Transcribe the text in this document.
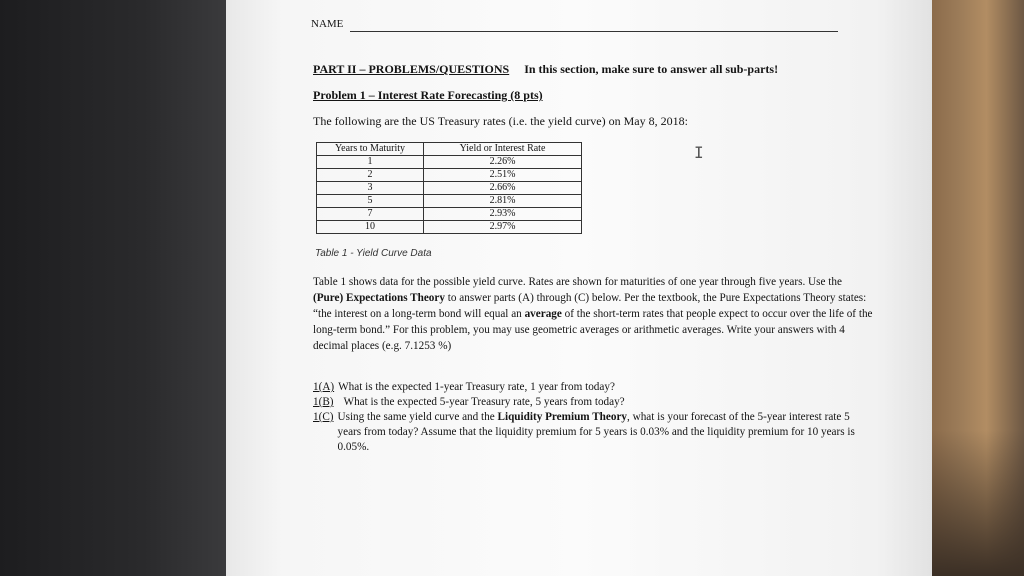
NAME
PART II – PROBLEMS/QUESTIONS In this section, make sure to answer all sub-parts!
Problem 1 – Interest Rate Forecasting (8 pts)
The following are the US Treasury rates (i.e. the yield curve) on May 8, 2018:
Years to Maturity	Yield or Interest Rate
1	2.26%
2	2.51%
3	2.66%
5	2.81%
7	2.93%
10	2.97%
Table 1 - Yield Curve Data
I
Table 1 shows data for the possible yield curve. Rates are shown for maturities of one year through five years. Use the (Pure) Expectations Theory to answer parts (A) through (C) below. Per the textbook, the Pure Expectations Theory states: “the interest on a long-term bond will equal an average of the short-term rates that people expect to occur over the life of the long-term bond.” For this problem, you may use geometric averages or arithmetic averages. Write your answers with 4 decimal places (e.g. 7.1253 %)
1(A) What is the expected 1-year Treasury rate, 1 year from today?
1(B) What is the expected 5-year Treasury rate, 5 years from today?
1(C) Using the same yield curve and the Liquidity Premium Theory, what is your forecast of the 5-year interest rate 5 years from today? Assume that the liquidity premium for 5 years is 0.03% and the liquidity premium for 10 years is 0.05%.
